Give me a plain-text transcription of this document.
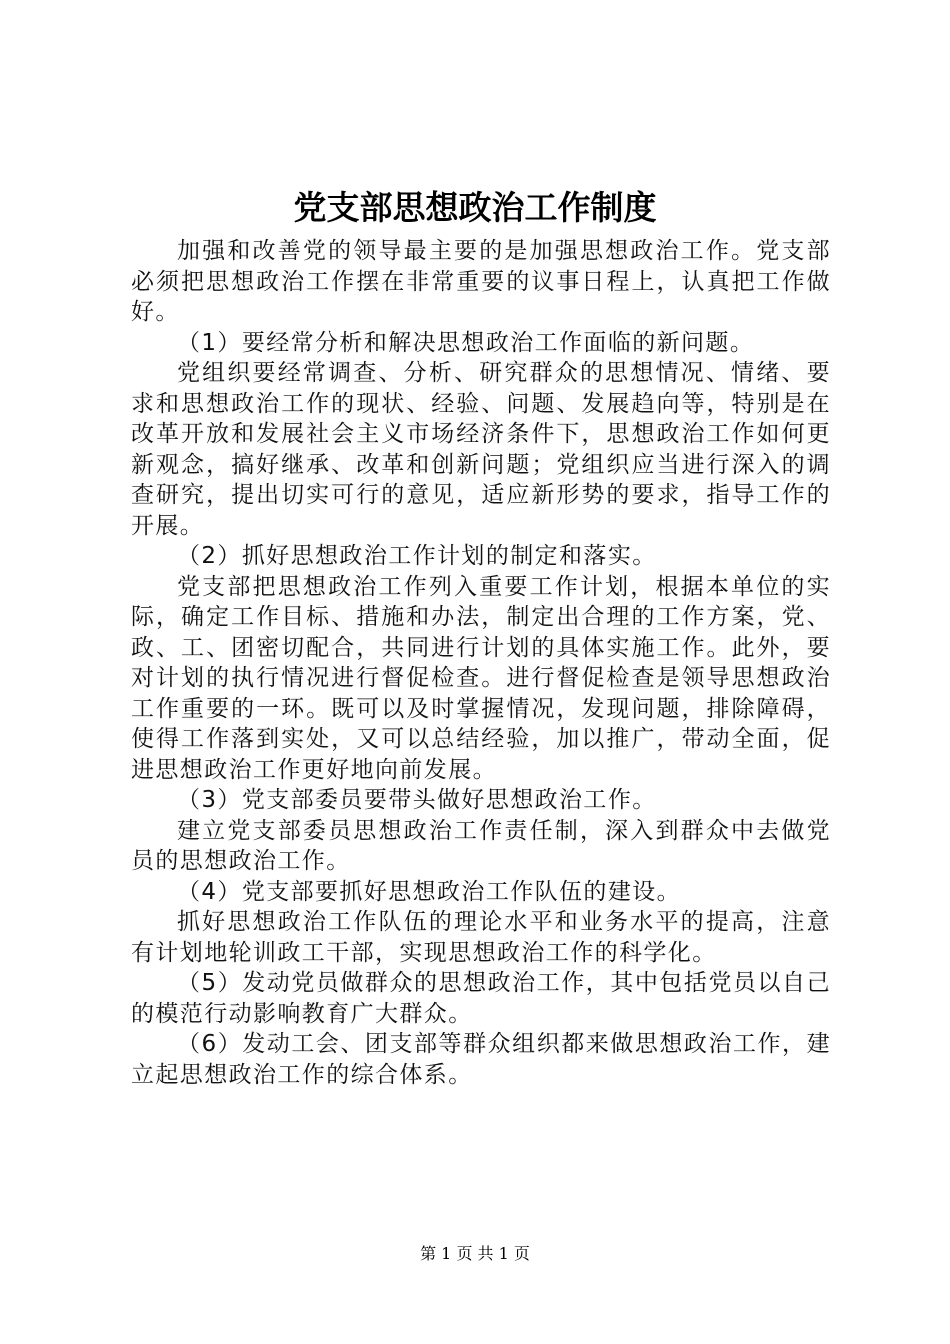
党支部思想政治工作制度

加强和改善党的领导最主要的是加强思想政治工作。党支部必须把思想政治工作摆在非常重要的议事日程上，认真把工作做好。

（1）要经常分析和解决思想政治工作面临的新问题。

党组织要经常调查、分析、研究群众的思想情况、情绪、要求和思想政治工作的现状、经验、问题、发展趋向等，特别是在改革开放和发展社会主义市场经济条件下，思想政治工作如何更新观念，搞好继承、改革和创新问题；党组织应当进行深入的调查研究，提出切实可行的意见，适应新形势的要求，指导工作的开展。

（2）抓好思想政治工作计划的制定和落实。

党支部把思想政治工作列入重要工作计划，根据本单位的实际，确定工作目标、措施和办法，制定出合理的工作方案，党、政、工、团密切配合，共同进行计划的具体实施工作。此外，要对计划的执行情况进行督促检查。进行督促检查是领导思想政治工作重要的一环。既可以及时掌握情况，发现问题，排除障碍，使得工作落到实处，又可以总结经验，加以推广，带动全面，促进思想政治工作更好地向前发展。

（3）党支部委员要带头做好思想政治工作。

建立党支部委员思想政治工作责任制，深入到群众中去做党员的思想政治工作。

（4）党支部要抓好思想政治工作队伍的建设。

抓好思想政治工作队伍的理论水平和业务水平的提高，注意有计划地轮训政工干部，实现思想政治工作的科学化。

（5）发动党员做群众的思想政治工作，其中包括党员以自己的模范行动影响教育广大群众。

（6）发动工会、团支部等群众组织都来做思想政治工作，建立起思想政治工作的综合体系。

第 1 页 共 1 页
